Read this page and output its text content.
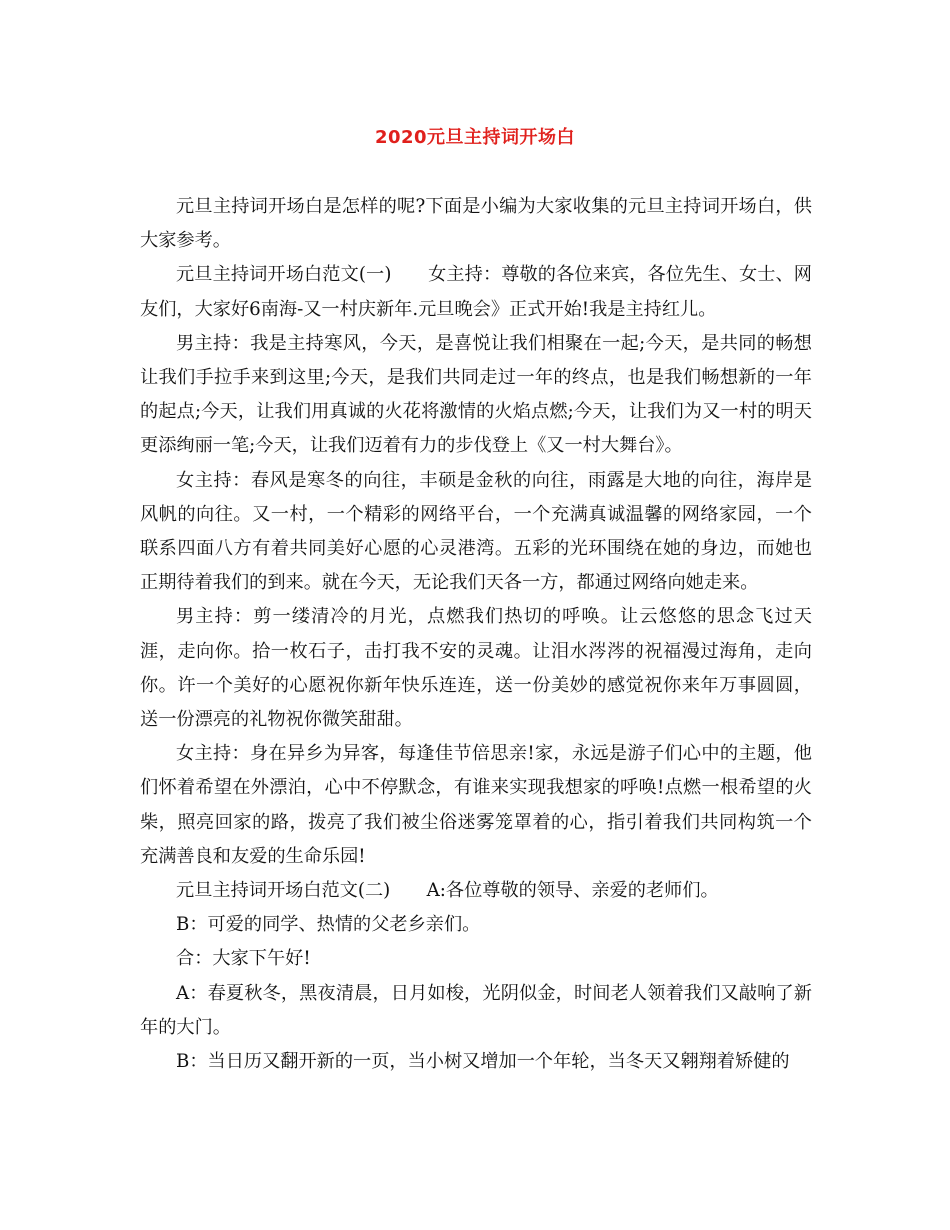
2020元旦主持词开场白

元旦主持词开场白是怎样的呢?下面是小编为大家收集的元旦主持词开场白，供大家参考。

元旦主持词开场白范文(一)　　女主持：尊敬的各位来宾，各位先生、女士、网友们，大家好6南海-又一村庆新年.元旦晚会》正式开始!我是主持红儿。

男主持：我是主持寒风，今天，是喜悦让我们相聚在一起;今天，是共同的畅想让我们手拉手来到这里;今天，是我们共同走过一年的终点，也是我们畅想新的一年的起点;今天，让我们用真诚的火花将激情的火焰点燃;今天，让我们为又一村的明天更添绚丽一笔;今天，让我们迈着有力的步伐登上《又一村大舞台》。

女主持：春风是寒冬的向往，丰硕是金秋的向往，雨露是大地的向往，海岸是风帆的向往。又一村，一个精彩的网络平台，一个充满真诚温馨的网络家园，一个联系四面八方有着共同美好心愿的心灵港湾。五彩的光环围绕在她的身边，而她也正期待着我们的到来。就在今天，无论我们天各一方，都通过网络向她走来。

男主持：剪一缕清冷的月光，点燃我们热切的呼唤。让云悠悠的思念飞过天涯，走向你。拾一枚石子，击打我不安的灵魂。让泪水涔涔的祝福漫过海角，走向你。许一个美好的心愿祝你新年快乐连连，送一份美妙的感觉祝你来年万事圆圆，送一份漂亮的礼物祝你微笑甜甜。

女主持：身在异乡为异客，每逢佳节倍思亲!家，永远是游子们心中的主题，他们怀着希望在外漂泊，心中不停默念，有谁来实现我想家的呼唤!点燃一根希望的火柴，照亮回家的路，拨亮了我们被尘俗迷雾笼罩着的心，指引着我们共同构筑一个充满善良和友爱的生命乐园!

元旦主持词开场白范文(二)　　A:各位尊敬的领导、亲爱的老师们。

B：可爱的同学、热情的父老乡亲们。

合：大家下午好!

A：春夏秋冬，黑夜清晨，日月如梭，光阴似金，时间老人领着我们又敲响了新年的大门。

B：当日历又翻开新的一页，当小树又增加一个年轮，当冬天又翱翔着矫健的
